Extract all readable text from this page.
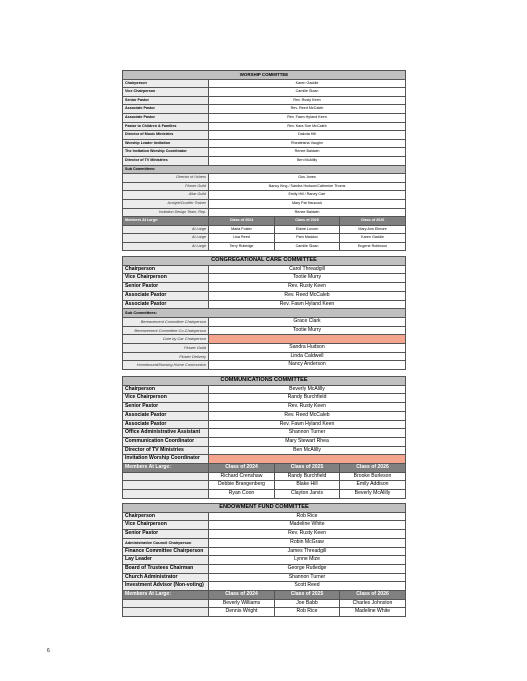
WORSHIP COMMITTEE			
Chairperson	Karen Gaddie		
Vice Chairperson	Camille Sloan		
Senior Pastor	Rev. Rusty Keen		
Associate Pastor	Rev. Reed McCaleb		
Associate Pastor	Rev. Fawn Hyland Keen		
Pastor to Children & Families	Rev. Kara Sue McCaleb		
Director of Music Ministries	Dakota Hill		
Worship Leader Invitation	Rheafeisha Vaughn		
The Invitation Worship Coordinator	Renee Baldwin		
Director of TV Ministries	Ben McAlilly		
Sub Committees:			
Director of Ushers	Gus Jones		
Flower Guild	Nancy King / Sandra Hudson/Catherine Thoms		
Altar Guild	Emily Hill / Raney Carr		
Acolyte/Crucifer Trainer	Mary Pat Hancock		
Invitation Design Team, Rep.	Renee Baldwin		
Members At Large:	Class of 2024	Class of 2025	Class of 2026
At Large	Maria Foster	Elaine Lovorn	Mary Ann Elmore
At Large	Lisa Reed	Pam Maddox	Karen Gaddie
At Large	Terry Rutledge	Camille Sloan	Eugene Robinson
CONGREGATIONAL CARE COMMITTEE	
Chairperson	Carol Threadgill
Vice Chairperson	Tootie Murry
Senior Pastor	Rev. Rusty Keen
Associate Pastor	Rev. Reed McCaleb
Associate Pastor	Rev. Fawn Hyland Keen
Sub Committees:	
Bereavement Committee Chairperson	Grace Clark
Bereavement Committee Co-Chairperson	Tootie Murry
Care by Car Chairperson	
Flower Guild	Sandra Hudson
Flower Delivery	Linda Caldwell
Homebound/Nursing Home Communion	Nancy Anderson
COMMUNICATIONS COMMITTEE			
Chairperson	Beverly McAlilly		
Vice Chairperson	Randy Burchfield		
Senior Pastor	Rev. Rusty Keen		
Associate Pastor	Rev. Reed McCaleb		
Associate Pastor	Rev. Fawn Hyland Keen		
Office Administrative Assistant	Shannon Turner		
Communication Coordinator	Mary Stewart Rhea		
Director of TV Ministries	Ben McAlilly		
Invitation Worship Coordinator			
Members At Large:	Class of 2024	Class of 2025	Class of 2026
	Richard Crenshaw	Randy Burchfield	Brooke Burleson
	Debbie Brangenberg	Blake Hill	Emily Addison
	Ryan Coon	Clayton Jarvis	Beverly McAlilly
ENDOWMENT FUND COMMITTEE			
Chairperson	Rob Rice		
Vice Chairperson	Madeline White		
Senior Pastor	Rev. Rusty Keen		
Administrative Council Chairperson	Robin McGraw		
Finance Committee Chairperson	James Threadgill		
Lay Leader	Lynne Mize		
Board of Trustees Chairman	George Rutledge		
Church Administrator	Shannon Turner		
Investment Advisor (Non-voting)	Scott Reed		
Members At Large:	Class of 2024	Class of 2025	Class of 2026
	Beverly Williams	Joe Babb	Charles Johnston
	Dennis Wright	Rob Rice	Madeline White
6
